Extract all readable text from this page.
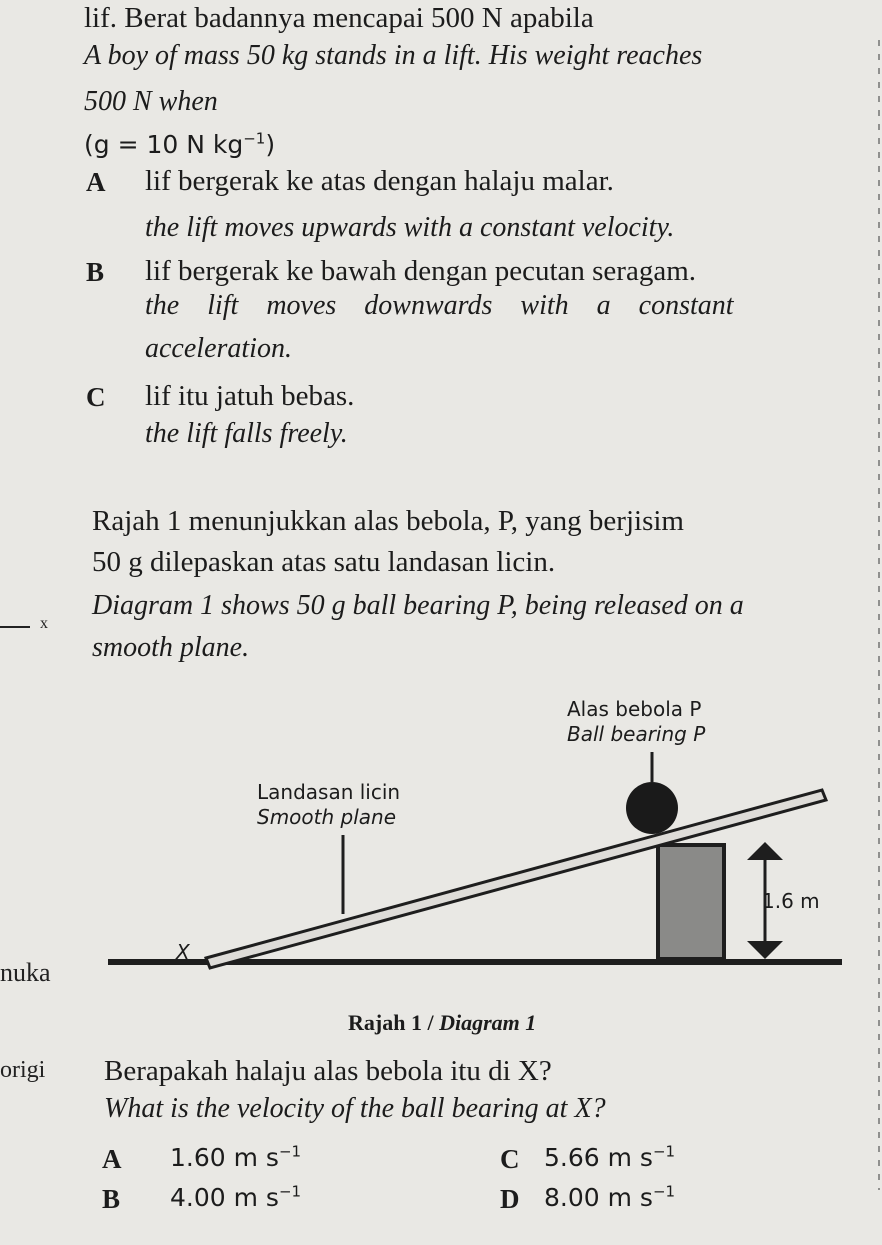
lif. Berat badannya mencapai 500 N apabila
A boy of mass 50 kg stands in a lift. His weight reaches
500 N when
(g = 10 N $kg^{-1}$)
A lif bergerak ke atas dengan halaju malar.
the lift moves upwards with a constant velocity.
B lif bergerak ke bawah dengan pecutan seragam.
the lift moves downwards with a constant
acceleration.
C lif itu jatuh bebas.
the lift falls freely.
Rajah 1 menunjukkan alas bebola, P, yang berjisim
50 g dilepaskan atas satu landasan licin.
Diagram 1 shows 50 g ball bearing P, being released on a
smooth plane.
Alas bebola P
Ball bearing P
Landasan licin
Smooth plane
1.6 m
X
Rajah 1 / Diagram 1
Berapakah halaju alas bebola itu di X?
What is the velocity of the ball bearing at X?
A 1.60 m $s^{-1}$
B 4.00 m $s^{-1}$
C 5.66 m $s^{-1}$
D 8.00 m $s^{-1}$
nuka
origi
x
